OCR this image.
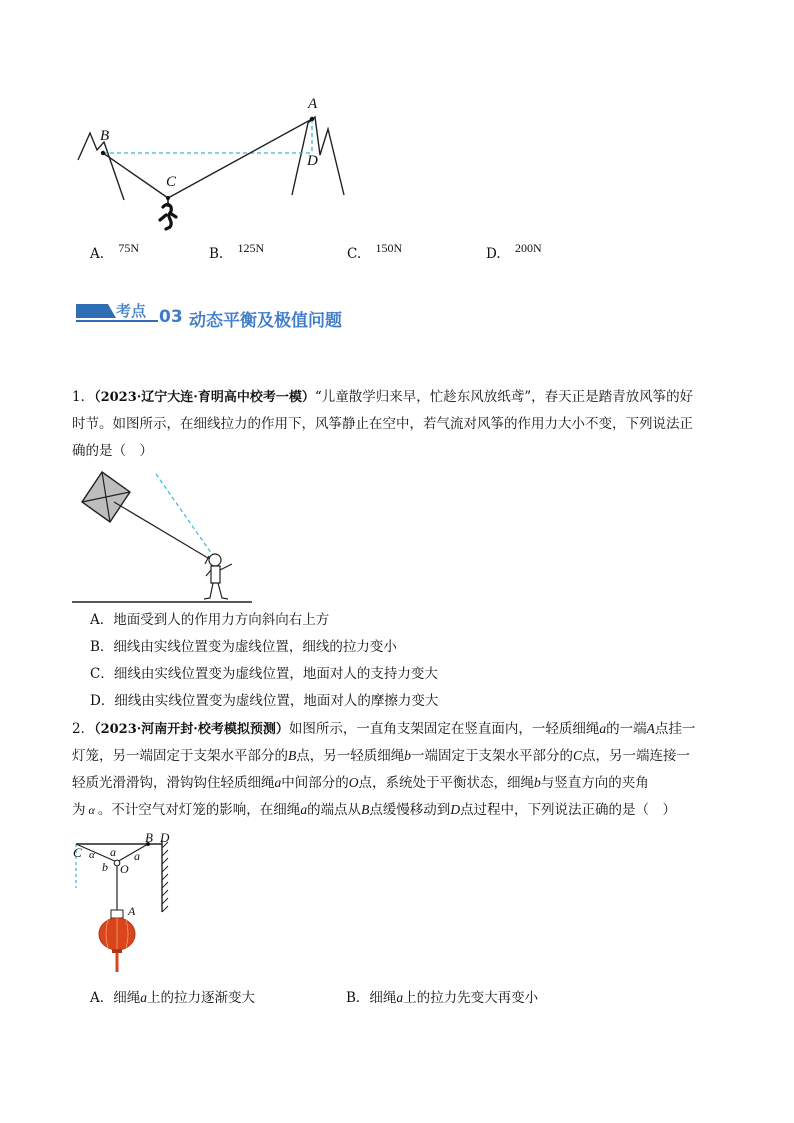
B
A
C
D
A. 75N	B. 125N	C. 150N	D. 200N
考点 03 动态平衡及极值问题
1．（2023·辽宁大连·育明高中校考一模）“儿童散学归来早，忙趁东风放纸鸢”，春天正是踏青放风筝的好
时节。如图所示，在细线拉力的作用下，风筝静止在空中，若气流对风筝的作用力大小不变，下列说法正
确的是（　）
A．地面受到人的作用力方向斜向右上方
B．细线由实线位置变为虚线位置，细线的拉力变小
C．细线由实线位置变为虚线位置，地面对人的支持力变大
D．细线由实线位置变为虚线位置，地面对人的摩擦力变大
2．（2023·河南开封·校考模拟预测）如图所示，一直角支架固定在竖直面内，一轻质细绳a的一端A点挂一
灯笼，另一端固定于支架水平部分的B点，另一轻质细绳b一端固定于支架水平部分的C点，另一端连接一
轻质光滑滑钩，滑钩钩住轻质细绳a中间部分的O点，系统处于平衡状态，细绳b与竖直方向的夹角
为 α 。不计空气对灯笼的影响，在细绳a的端点从B点缓慢移动到D点过程中，下列说法正确的是（　）
B D
C α a a
b O
A
A．细绳a上的拉力逐渐变大	B．细绳a上的拉力先变大再变小
